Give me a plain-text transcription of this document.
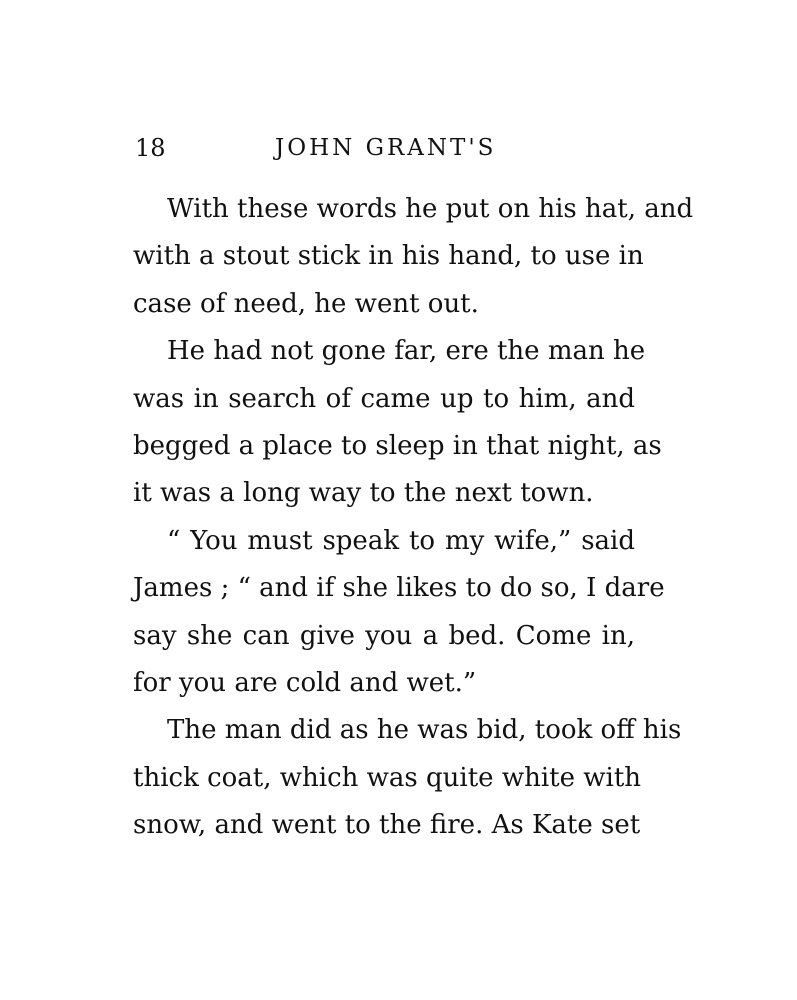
18	JOHN GRANT'S
With these words he put on his hat, and
with a stout stick in his hand, to use in
case of need, he went out.
He had not gone far, ere the man he
was in search of came up to him, and
begged a place to sleep in that night, as
it was a long way to the next town.
“ You must speak to my wife,” said
James ; “ and if she likes to do so, I dare
say she can give you a bed. Come in,
for you are cold and wet.”
The man did as he was bid, took off his
thick coat, which was quite white with
snow, and went to the fire. As Kate set
